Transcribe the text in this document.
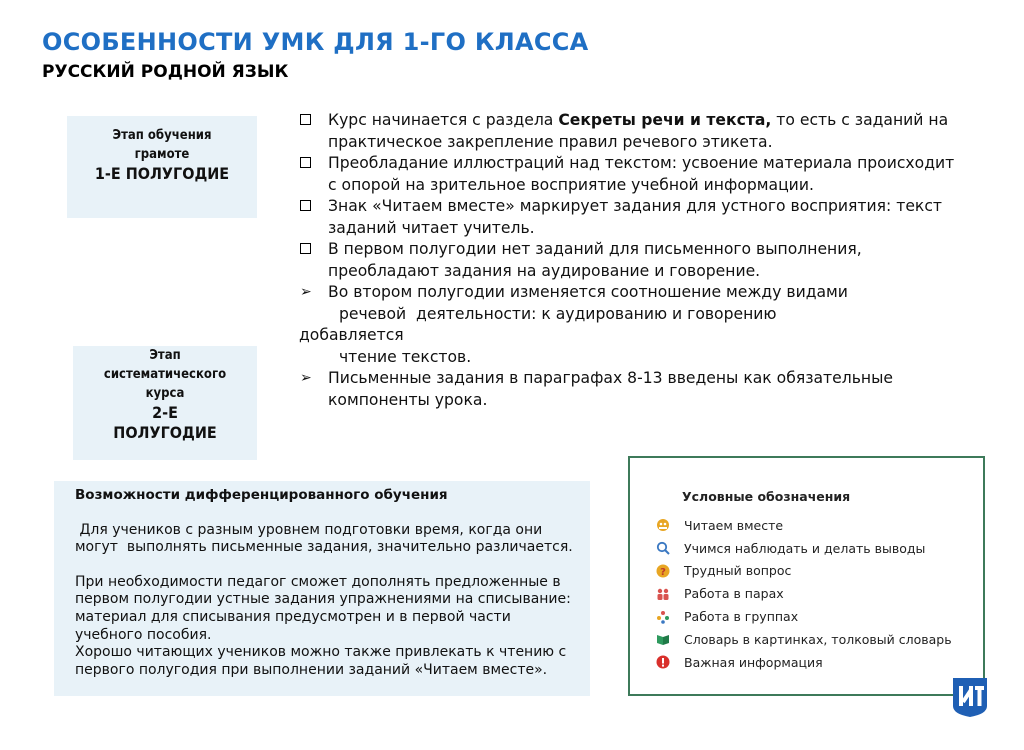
ОСОБЕННОСТИ УМК ДЛЯ 1-ГО КЛАССА
РУССКИЙ РОДНОЙ ЯЗЫК
Этап обучения
грамоте
1-Е ПОЛУГОДИЕ
Этап
систематического
курса
2-Е
ПОЛУГОДИЕ
Курс начинается с раздела Секреты речи и текста, то есть с заданий на практическое закрепление правил речевого этикета.
Преобладание иллюстраций над текстом: усвоение материала происходит с опорой на зрительное восприятие учебной информации.
Знак «Читаем вместе» маркирует задания для устного восприятия: текст заданий читает учитель.
В первом полугодии нет заданий для письменного выполнения, преобладают задания на аудирование и говорение.
➢ Во втором полугодии изменяется соотношение между видами
речевой  деятельности: к аудированию и говорению
добавляется
чтение текстов.
➢ Письменные задания в параграфах 8-13 введены как обязательные компоненты урока.
Возможности дифференцированного обучения
Для учеников с разным уровнем подготовки время, когда они могут  выполнять письменные задания, значительно различается.
При необходимости педагог сможет дополнять предложенные в первом полугодии устные задания упражнениями на списывание: материал для списывания предусмотрен и в первой части учебного пособия.
Хорошо читающих учеников можно также привлекать к чтению с первого полугодия при выполнении заданий «Читаем вместе».
Условные обозначения
Читаем вместе
Учимся наблюдать и делать выводы
? Трудный вопрос
Работа в парах
Работа в группах
Словарь в картинках, толковый словарь
Важная информация
